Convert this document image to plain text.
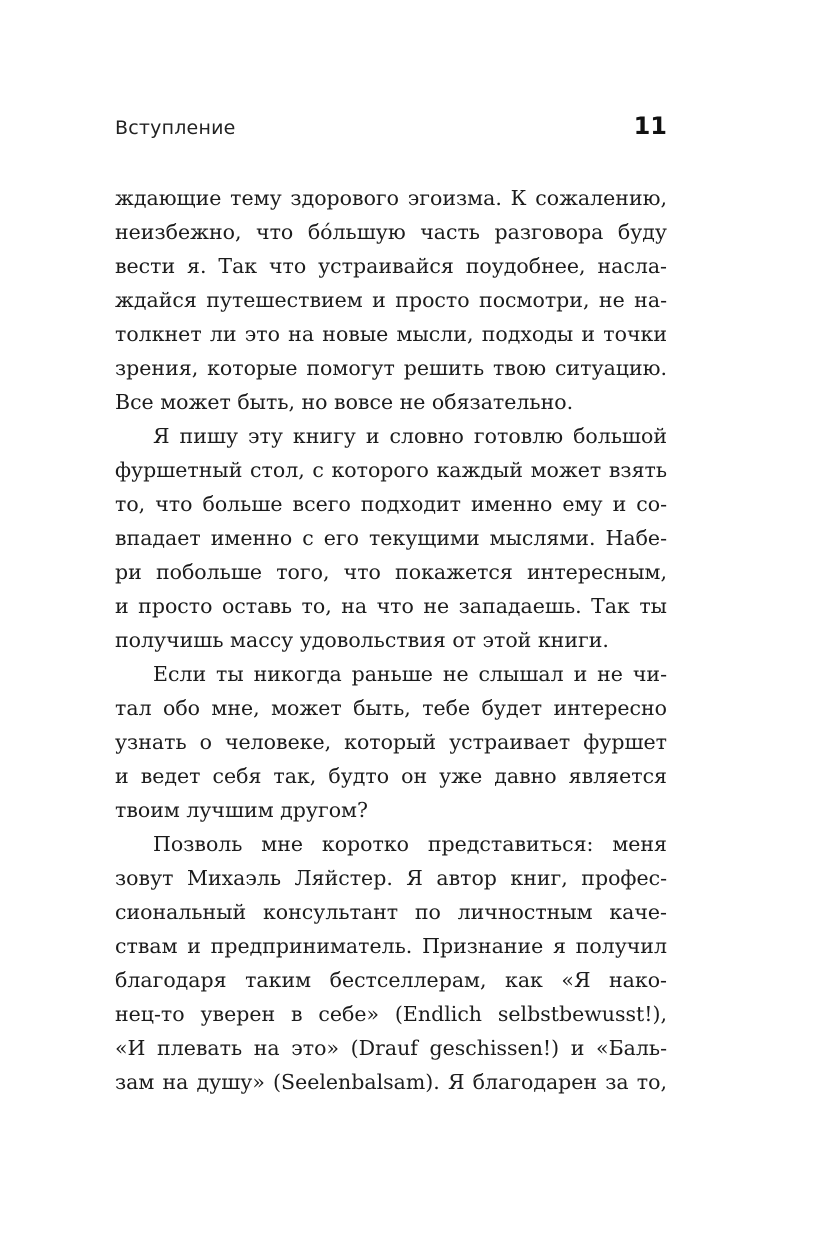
Вступление	11
ждающие тему здорового эгоизма. К сожалению,
неизбежно, что бо́льшую часть разговора буду
вести я. Так что устраивайся поудобнее, насла-
ждайся путешествием и просто посмотри, не на-
толкнет ли это на новые мысли, подходы и точки
зрения, которые помогут решить твою ситуацию.
Все может быть, но вовсе не обязательно.
Я пишу эту книгу и словно готовлю большой
фуршетный стол, с которого каждый может взять
то, что больше всего подходит именно ему и со-
впадает именно с его текущими мыслями. Набе-
ри побольше того, что покажется интересным,
и просто оставь то, на что не западаешь. Так ты
получишь массу удовольствия от этой книги.
Если ты никогда раньше не слышал и не чи-
тал обо мне, может быть, тебе будет интересно
узнать о человеке, который устраивает фуршет
и ведет себя так, будто он уже давно является
твоим лучшим другом?
Позволь мне коротко представиться: меня
зовут Михаэль Ляйстер. Я автор книг, профес-
сиональный консультант по личностным каче-
ствам и предприниматель. Признание я получил
благодаря таким бестселлерам, как «Я нако-
нец-то уверен в себе» (Endlich selbstbewusst!),
«И плевать на это» (Drauf geschissen!) и «Баль-
зам на душу» (Seelenbalsam). Я благодарен за то,
